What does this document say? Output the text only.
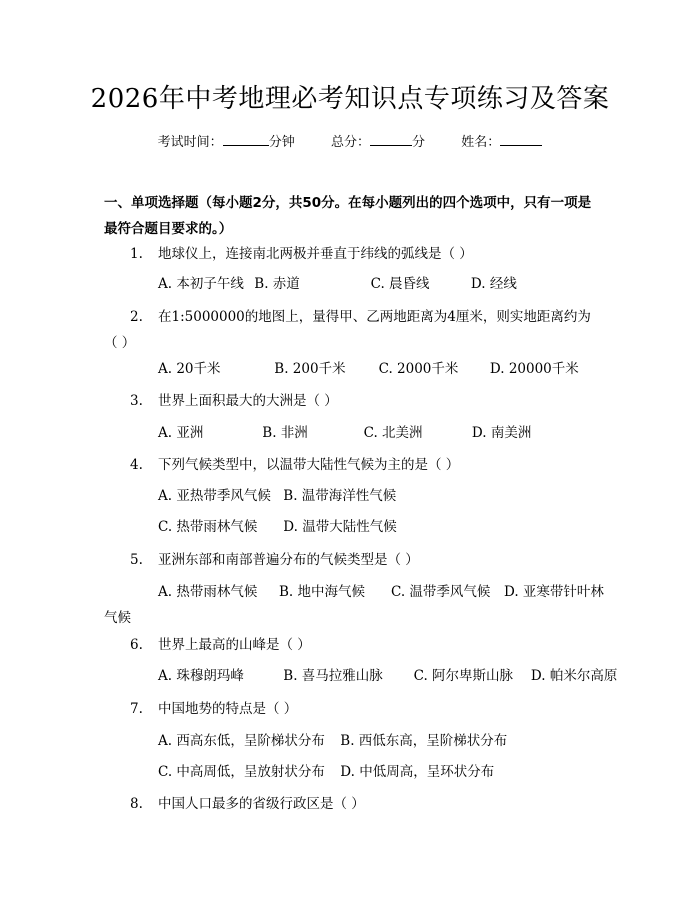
2026年中考地理必考知识点专项练习及答案
考试时间：	分钟	总分：	分	姓名：
一、单项选择题（每小题2分，共50分。在每小题列出的四个选项中，只有一项是最符合题目要求的。）
1. 地球仪上，连接南北两极并垂直于纬线的弧线是（ ）
A. 本初子午线 B. 赤道	C. 晨昏线	D. 经线
2. 在1:5000000的地图上，量得甲、乙两地距离为4厘米，则实地距离约为（ ）
A. 20千米	B. 200千米 C. 2000千米 D. 20000千米
3. 世界上面积最大的大洲是（ ）
A. 亚洲	B. 非洲	C. 北美洲	D. 南美洲
4. 下列气候类型中，以温带大陆性气候为主的是（ ）
A. 亚热带季风气候 B. 温带海洋性气候
C. 热带雨林气候 D. 温带大陆性气候
5. 亚洲东部和南部普遍分布的气候类型是（ ）
A. 热带雨林气候 B. 地中海气候 C. 温带季风气候 D. 亚寒带针叶林气候
6. 世界上最高的山峰是（ ）
A. 珠穆朗玛峰	B. 喜马拉雅山脉 C. 阿尔卑斯山脉 D. 帕米尔高原
7. 中国地势的特点是（ ）
A. 西高东低，呈阶梯状分布 B. 西低东高，呈阶梯状分布
C. 中高周低，呈放射状分布 D. 中低周高，呈环状分布
8. 中国人口最多的省级行政区是（ ）
